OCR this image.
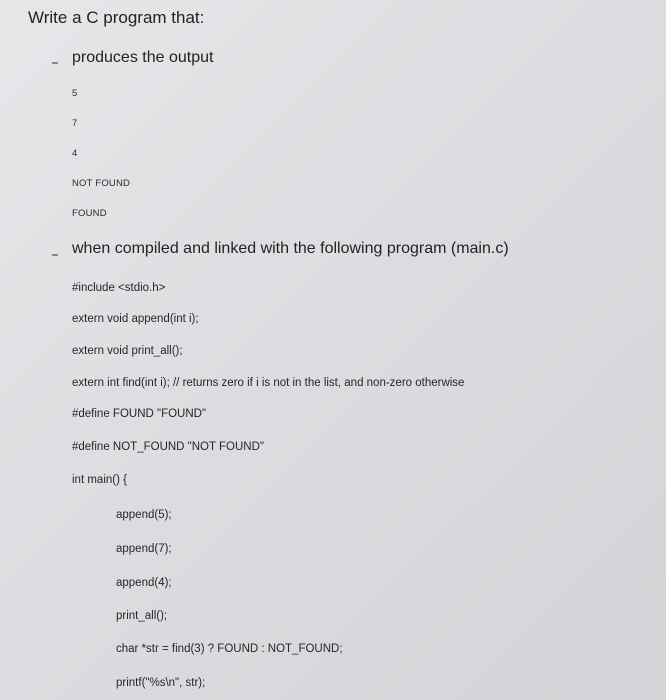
Write a C program that:
produces the output
5
7
4
NOT FOUND
FOUND
when compiled and linked with the following program (main.c)
#include <stdio.h>
extern void append(int i);
extern void print_all();
extern int find(int i); // returns zero if i is not in the list, and non-zero otherwise
#define FOUND "FOUND"
#define NOT_FOUND "NOT FOUND"
int main() {
append(5);
append(7);
append(4);
print_all();
char *str = find(3) ? FOUND : NOT_FOUND;
printf("%s\n", str);
